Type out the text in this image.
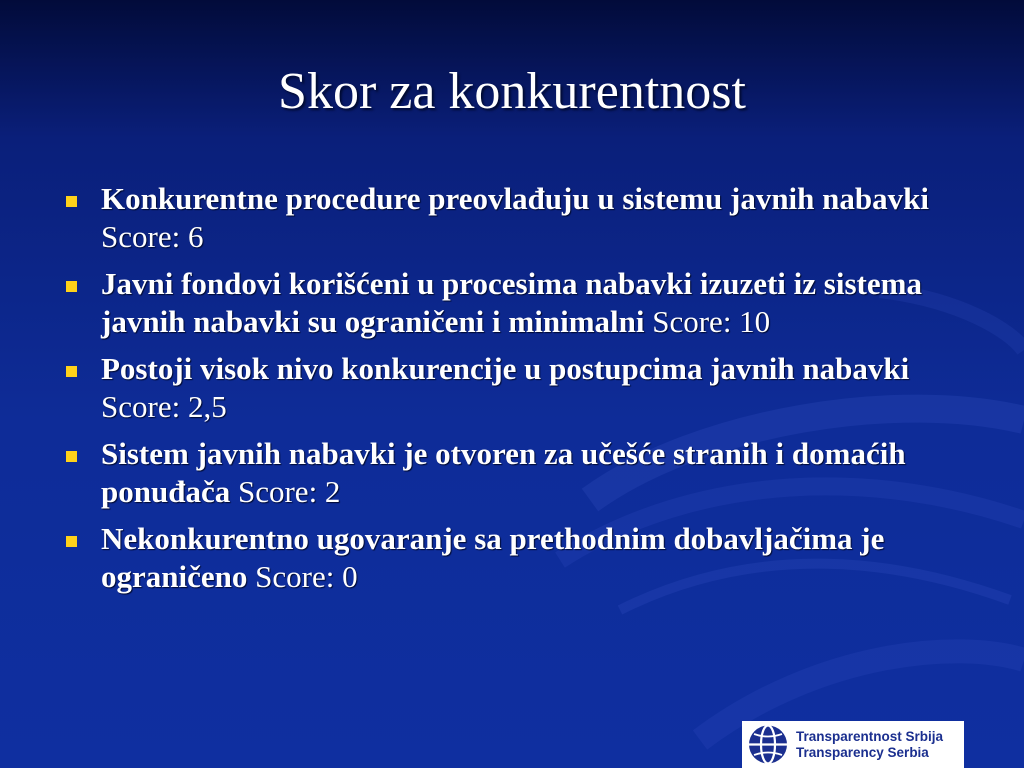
Skor za konkurentnost
Konkurentne procedure preovlađuju u sistemu javnih nabavki Score: 6
Javni fondovi korišćeni u procesima nabavki izuzeti iz sistema javnih nabavki su ograničeni i minimalni Score: 10
Postoji visok nivo konkurencije u postupcima javnih nabavki Score: 2,5
Sistem javnih nabavki je otvoren za učešće stranih i domaćih ponuđača Score: 2
Nekonkurentno ugovaranje sa prethodnim dobavljačima je ograničeno Score: 0
Transparentnost Srbija
Transparency Serbia
